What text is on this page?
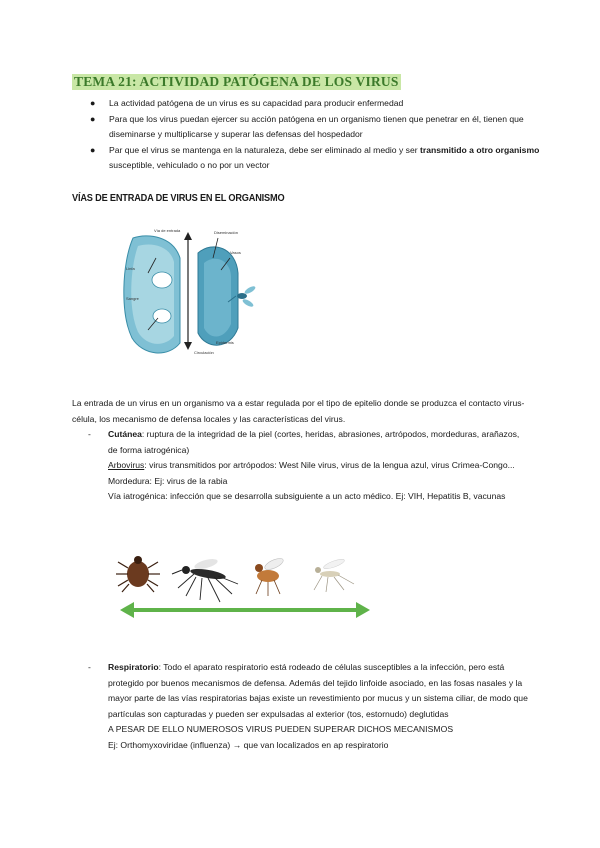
TEMA 21: ACTIVIDAD PATÓGENA DE LOS VIRUS
● La actividad patógena de un virus es su capacidad para producir enfermedad
● Para que los virus puedan ejercer su acción patógena en un organismo tienen que penetrar en él, tienen que diseminarse y multiplicarse y superar las defensas del hospedador
● Par que el virus se mantenga en la naturaleza, debe ser eliminado al medio y ser transmitido a otro organismo susceptible, vehiculado o no por un vector
VÍAS DE ENTRADA DE VIRUS EN EL ORGANISMO
Vía de entrada	Diseminación
Linfa
Sangre
Vasos
Circulación
Epidermis
La entrada de un virus en un organismo va a estar regulada por el tipo de epitelio donde se produzca el contacto virus-célula, los mecanismo de defensa locales y las características del virus.
- Cutánea: ruptura de la integridad de la piel (cortes, heridas, abrasiones, artrópodos, mordeduras, arañazos, de forma iatrogénica)
Arbovirus: virus transmitidos por artrópodos: West Nile virus, virus de la lengua azul, virus Crimea-Congo...
Mordedura: Ej: virus de la rabia
Vía iatrogénica: infección que se desarrolla subsiguiente a un acto médico. Ej: VIH, Hepatitis B, vacunas
- Respiratorio: Todo el aparato respiratorio está rodeado de células susceptibles a la infección, pero está protegido por buenos mecanismos de defensa. Además del tejido linfoide asociado, en las fosas nasales y la mayor parte de las vías respiratorias bajas existe un revestimiento por mucus y un sistema ciliar, de modo que partículas son capturadas y pueden ser expulsadas al exterior (tos, estornudo) deglutidas
A PESAR DE ELLO NUMEROSOS VIRUS PUEDEN SUPERAR DICHOS MECANISMOS
Ej: Orthomyxoviridae (influenza) → que van localizados en ap respiratorio
